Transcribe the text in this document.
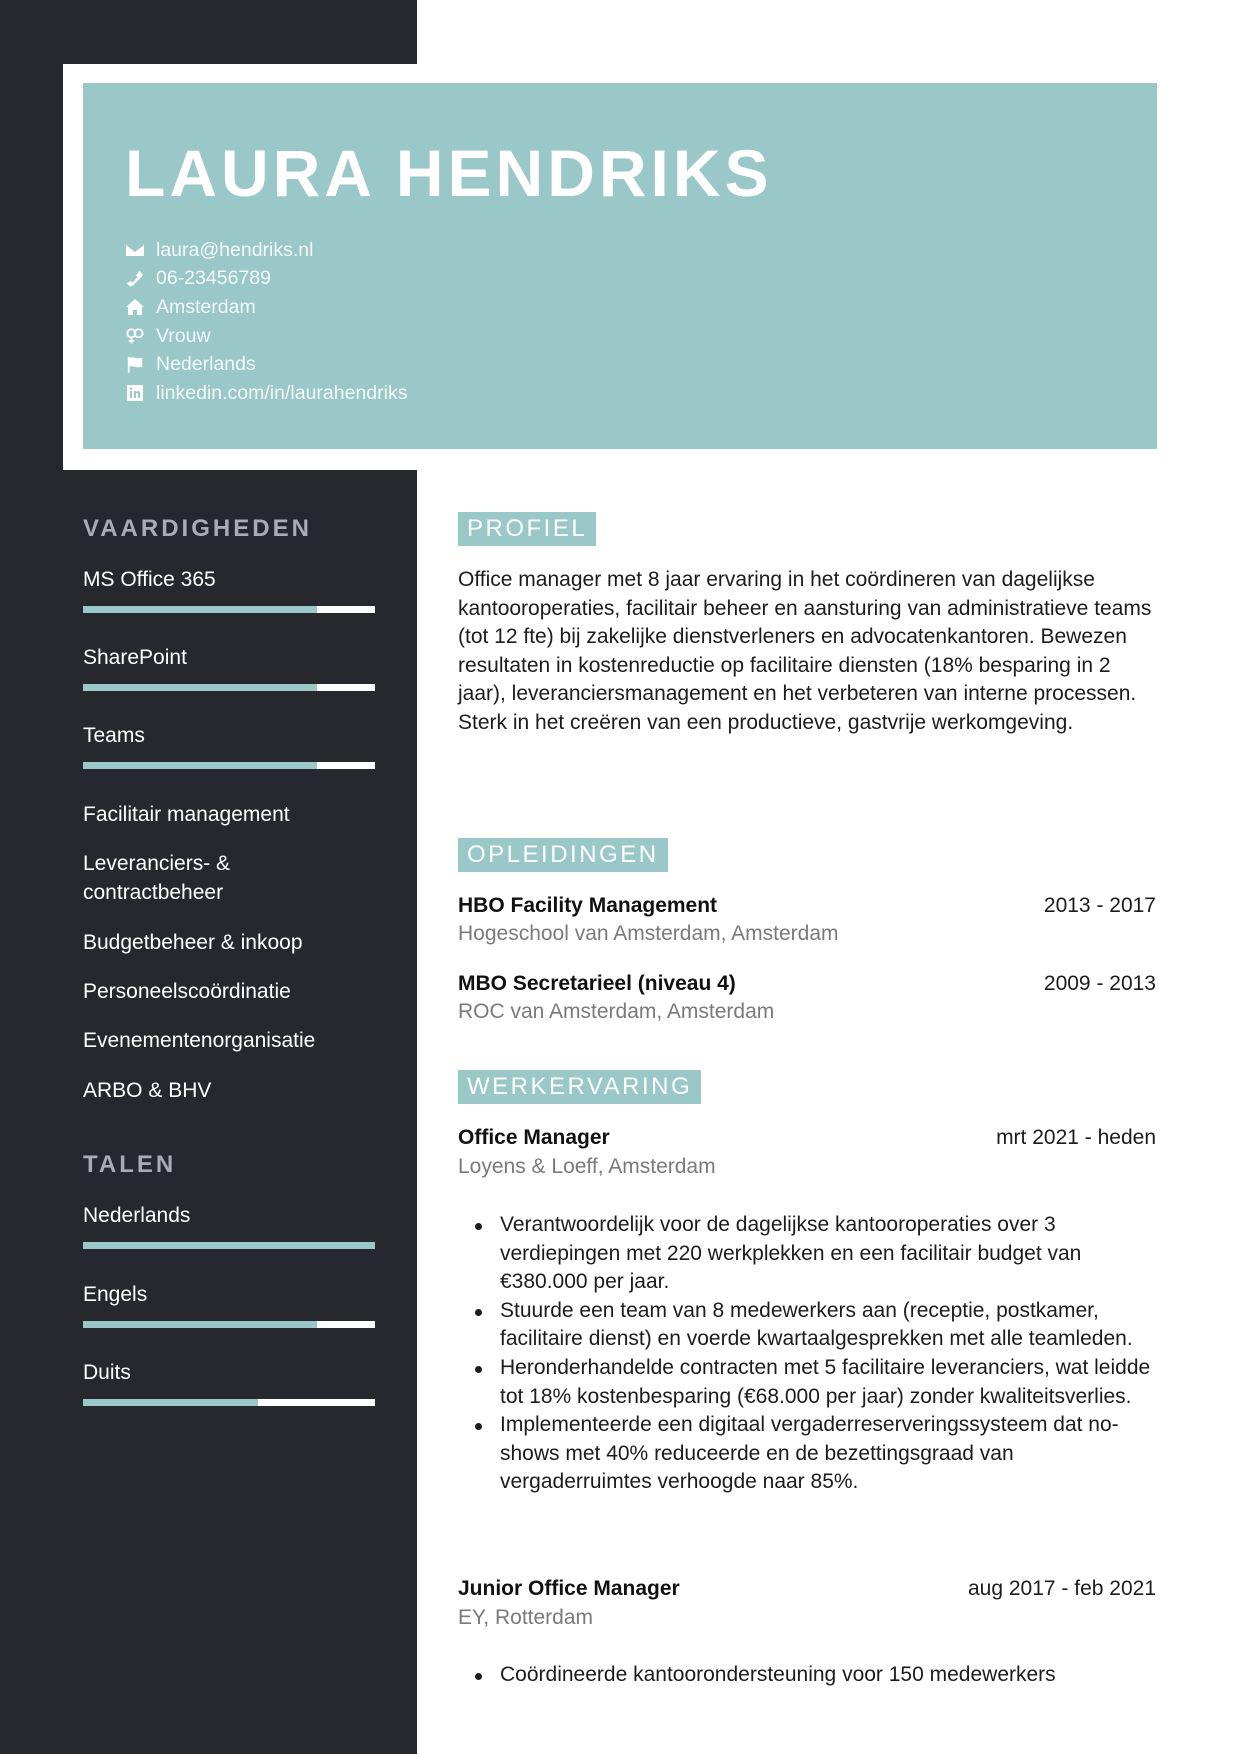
LAURA HENDRIKS
laura@hendriks.nl
06-23456789
Amsterdam
Vrouw
Nederlands
linkedin.com/in/laurahendriks
VAARDIGHEDEN
MS Office 365
SharePoint
Teams
Facilitair management
Leveranciers- & contractbeheer
Budgetbeheer & inkoop
Personeelscoördinatie
Evenementenorganisatie
ARBO & BHV
TALEN
Nederlands
Engels
Duits
PROFIEL

Office manager met 8 jaar ervaring in het coördineren van dagelijkse kantooroperaties, facilitair beheer en aansturing van administratieve teams (tot 12 fte) bij zakelijke dienstverleners en advocatenkantoren. Bewezen resultaten in kostenreductie op facilitaire diensten (18% besparing in 2 jaar), leveranciersmanagement en het verbeteren van interne processen. Sterk in het creëren van een productieve, gastvrije werkomgeving.

OPLEIDINGEN
HBO Facility Management	2013 - 2017
Hogeschool van Amsterdam, Amsterdam
MBO Secretarieel (niveau 4)	2009 - 2013
ROC van Amsterdam, Amsterdam
WERKERVARING
Office Manager	mrt 2021 - heden
Loyens & Loeff, Amsterdam
Verantwoordelijk voor de dagelijkse kantooroperaties over 3 verdiepingen met 220 werkplekken en een facilitair budget van €380.000 per jaar.
Stuurde een team van 8 medewerkers aan (receptie, postkamer, facilitaire dienst) en voerde kwartaalgesprekken met alle teamleden.
Heronderhandelde contracten met 5 facilitaire leveranciers, wat leidde tot 18% kostenbesparing (€68.000 per jaar) zonder kwaliteitsverlies.
Implementeerde een digitaal vergaderreserveringssysteem dat no-shows met 40% reduceerde en de bezettingsgraad van vergaderruimtes verhoogde naar 85%.
Junior Office Manager	aug 2017 - feb 2021
EY, Rotterdam
Coördineerde kantoorondersteuning voor 150 medewerkers
